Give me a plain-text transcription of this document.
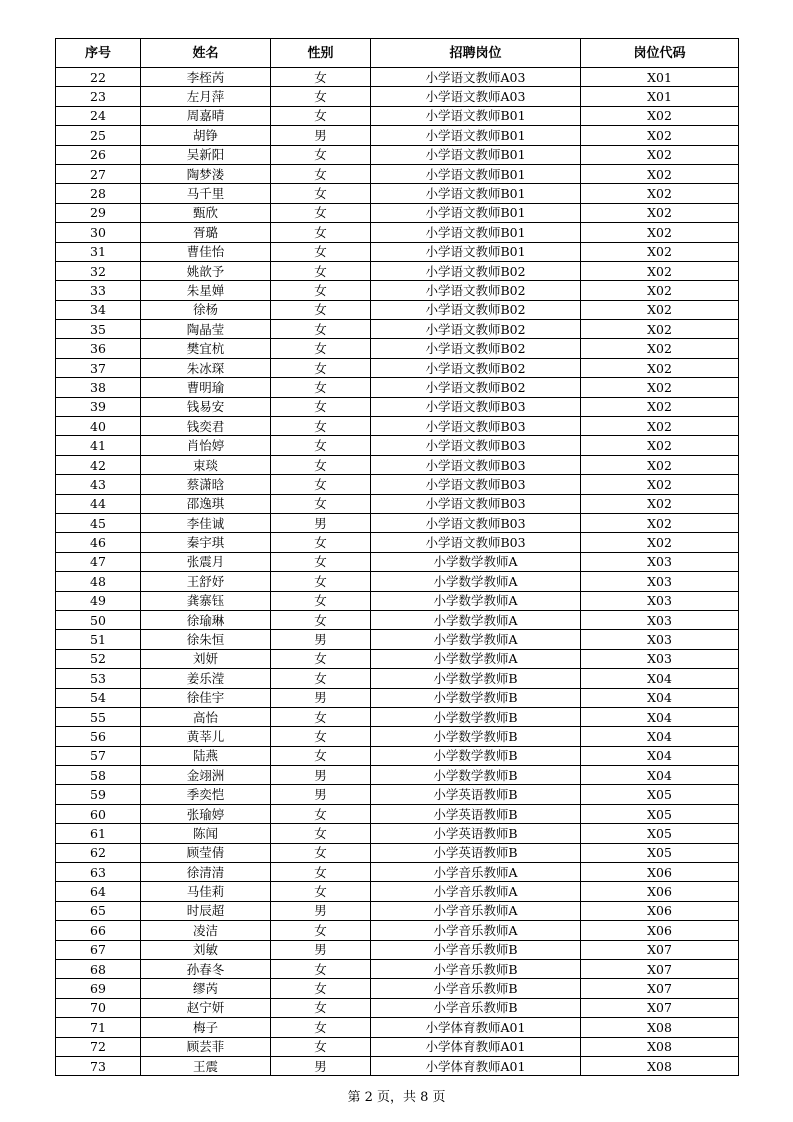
序号	姓名	性别	招聘岗位	岗位代码
22	李桎芮	女	小学语文教师A03	X01
23	左月萍	女	小学语文教师A03	X01
24	周嘉晴	女	小学语文教师B01	X02
25	胡铮	男	小学语文教师B01	X02
26	吴新阳	女	小学语文教师B01	X02
27	陶梦溇	女	小学语文教师B01	X02
28	马千里	女	小学语文教师B01	X02
29	甄欣	女	小学语文教师B01	X02
30	胥璐	女	小学语文教师B01	X02
31	曹佳怡	女	小学语文教师B01	X02
32	姚歆予	女	小学语文教师B02	X02
33	朱星婵	女	小学语文教师B02	X02
34	徐杨	女	小学语文教师B02	X02
35	陶晶莹	女	小学语文教师B02	X02
36	樊宜杭	女	小学语文教师B02	X02
37	朱冰琛	女	小学语文教师B02	X02
38	曹明瑜	女	小学语文教师B02	X02
39	钱易安	女	小学语文教师B03	X02
40	钱奕君	女	小学语文教师B03	X02
41	肖怡婷	女	小学语文教师B03	X02
42	束琰	女	小学语文教师B03	X02
43	蔡潇晗	女	小学语文教师B03	X02
44	邵逸琪	女	小学语文教师B03	X02
45	李佳诚	男	小学语文教师B03	X02
46	秦宇琪	女	小学语文教师B03	X02
47	张震月	女	小学数学教师A	X03
48	王舒妤	女	小学数学教师A	X03
49	龚寨钰	女	小学数学教师A	X03
50	徐瑜琳	女	小学数学教师A	X03
51	徐朱恒	男	小学数学教师A	X03
52	刘妍	女	小学数学教师A	X03
53	姜乐滢	女	小学数学教师B	X04
54	徐佳宇	男	小学数学教师B	X04
55	高怡	女	小学数学教师B	X04
56	黄莘儿	女	小学数学教师B	X04
57	陆燕	女	小学数学教师B	X04
58	金翊洲	男	小学数学教师B	X04
59	季奕恺	男	小学英语教师B	X05
60	张瑜婷	女	小学英语教师B	X05
61	陈闻	女	小学英语教师B	X05
62	顾莹倩	女	小学英语教师B	X05
63	徐清清	女	小学音乐教师A	X06
64	马佳莉	女	小学音乐教师A	X06
65	时辰超	男	小学音乐教师A	X06
66	凌洁	女	小学音乐教师A	X06
67	刘敏	男	小学音乐教师B	X07
68	孙春冬	女	小学音乐教师B	X07
69	缪芮	女	小学音乐教师B	X07
70	赵宁妍	女	小学音乐教师B	X07
71	梅子	女	小学体育教师A01	X08
72	顾芸菲	女	小学体育教师A01	X08
73	王震	男	小学体育教师A01	X08
第 2 页，共 8 页
